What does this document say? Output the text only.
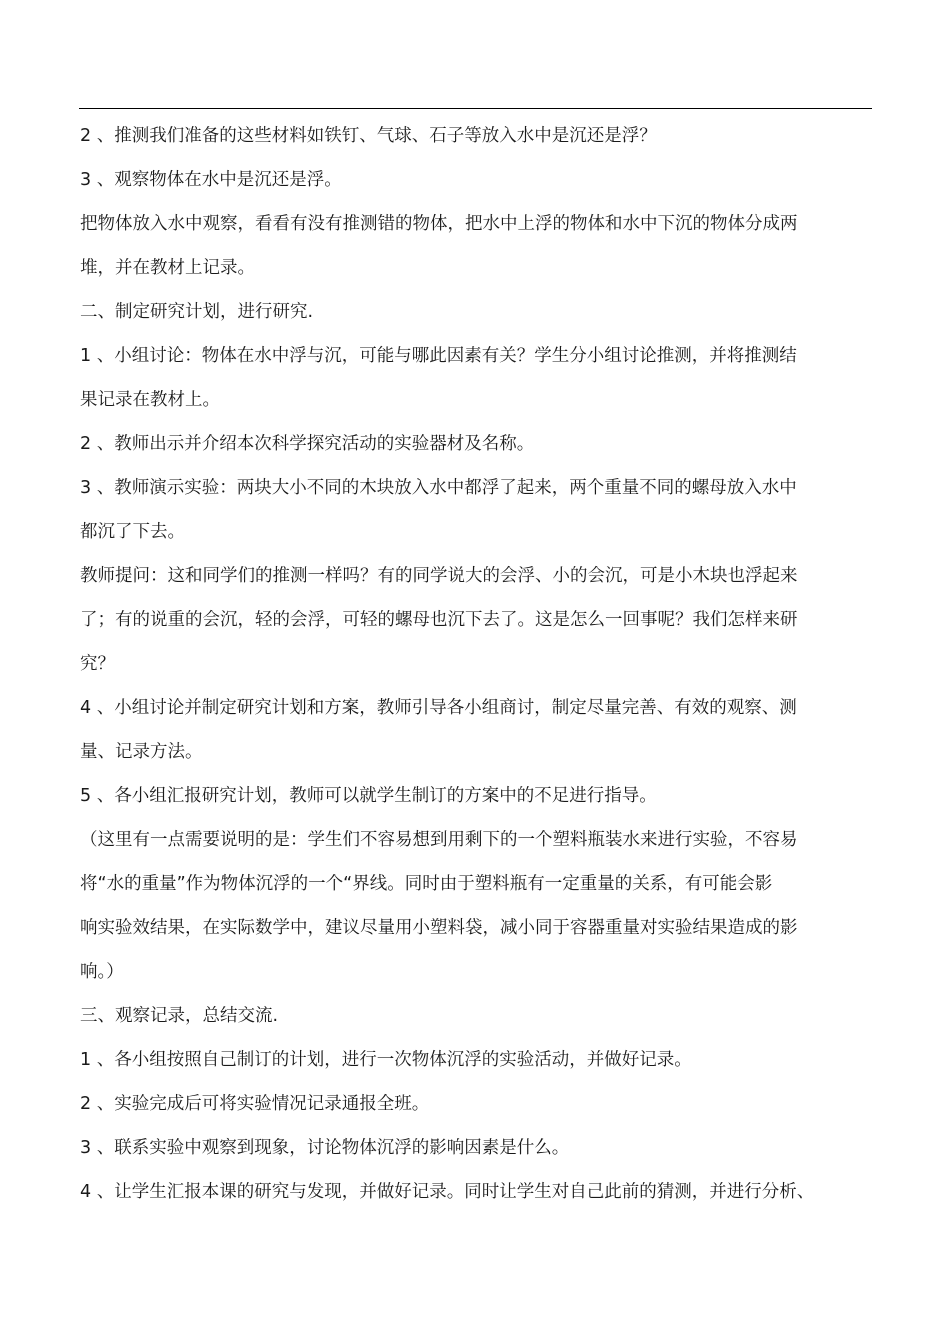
2 、推测我们准备的这些材料如铁钉、气球、石子等放入水中是沉还是浮？
3 、观察物体在水中是沉还是浮。
把物体放入水中观察，看看有没有推测错的物体，把水中上浮的物体和水中下沉的物体分成两
堆，并在教材上记录。
二、制定研究计划，进行研究.
1 、小组讨论：物体在水中浮与沉，可能与哪此因素有关？学生分小组讨论推测，并将推测结
果记录在教材上。
2 、教师出示并介绍本次科学探究活动的实验器材及名称。
3 、教师演示实验：两块大小不同的木块放入水中都浮了起来，两个重量不同的螺母放入水中
都沉了下去。
教师提问：这和同学们的推测一样吗？有的同学说大的会浮、小的会沉，可是小木块也浮起来
了；有的说重的会沉，轻的会浮，可轻的螺母也沉下去了。这是怎么一回事呢？我们怎样来研
究？
4 、小组讨论并制定研究计划和方案，教师引导各小组商讨，制定尽量完善、有效的观察、测
量、记录方法。
5 、各小组汇报研究计划，教师可以就学生制订的方案中的不足进行指导。
（这里有一点需要说明的是：学生们不容易想到用剩下的一个塑料瓶装水来进行实验，不容易
将“水的重量”作为物体沉浮的一个“界线。同时由于塑料瓶有一定重量的关系，有可能会影
响实验效结果，在实际数学中，建议尽量用小塑料袋，减小同于容器重量对实验结果造成的影
响。）
三、观察记录，总结交流.
1 、各小组按照自己制订的计划，进行一次物体沉浮的实验活动，并做好记录。
2 、实验完成后可将实验情况记录通报全班。
3 、联系实验中观察到现象，讨论物体沉浮的影响因素是什么。
4 、让学生汇报本课的研究与发现，并做好记录。同时让学生对自己此前的猜测，并进行分析、
